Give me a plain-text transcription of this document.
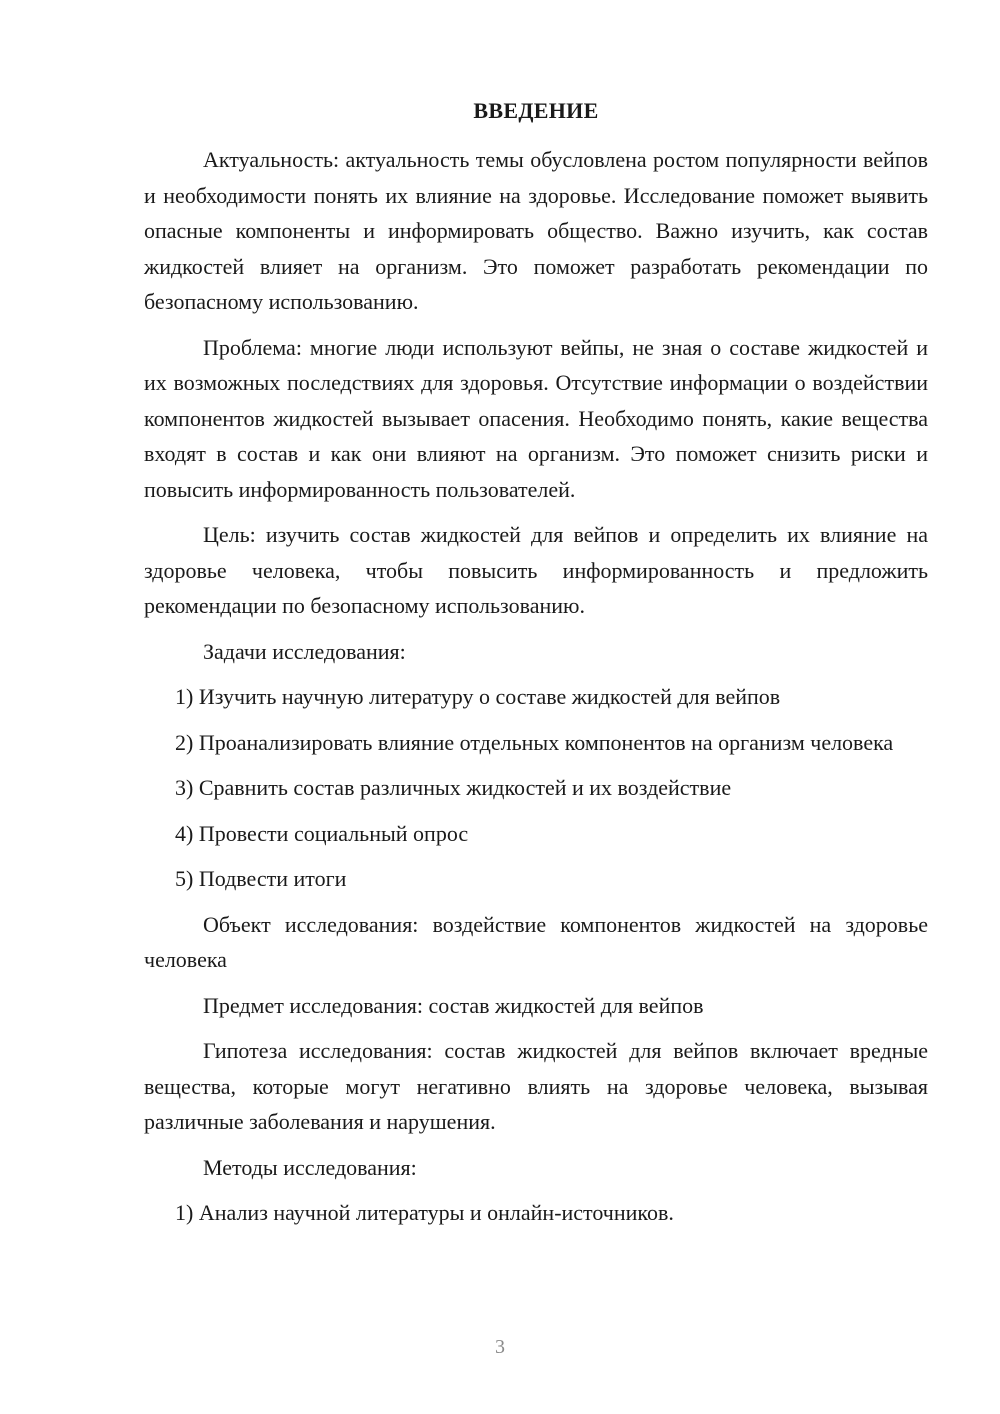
ВВЕДЕНИЕ

Актуальность: актуальность темы обусловлена ростом популярности вейпов и необходимости понять их влияние на здоровье. Исследование поможет выявить опасные компоненты и информировать общество. Важно изучить, как состав жидкостей влияет на организм. Это поможет разработать рекомендации по безопасному использованию.

Проблема: многие люди используют вейпы, не зная о составе жидкостей и их возможных последствиях для здоровья. Отсутствие информации о воздействии компонентов жидкостей вызывает опасения. Необходимо понять, какие вещества входят в состав и как они влияют на организм. Это поможет снизить риски и повысить информированность пользователей.

Цель: изучить состав жидкостей для вейпов и определить их влияние на здоровье человека, чтобы повысить информированность и предложить рекомендации по безопасному использованию.

Задачи исследования:

1) Изучить научную литературу о составе жидкостей для вейпов

2) Проанализировать влияние отдельных компонентов на организм человека

3) Сравнить состав различных жидкостей и их воздействие

4) Провести социальный опрос

5) Подвести итоги

Объект исследования: воздействие компонентов жидкостей на здоровье человека

Предмет исследования: состав жидкостей для вейпов

Гипотеза исследования: состав жидкостей для вейпов включает вредные вещества, которые могут негативно влиять на здоровье человека, вызывая различные заболевания и нарушения.

Методы исследования:

1) Анализ научной литературы и онлайн-источников.

3
